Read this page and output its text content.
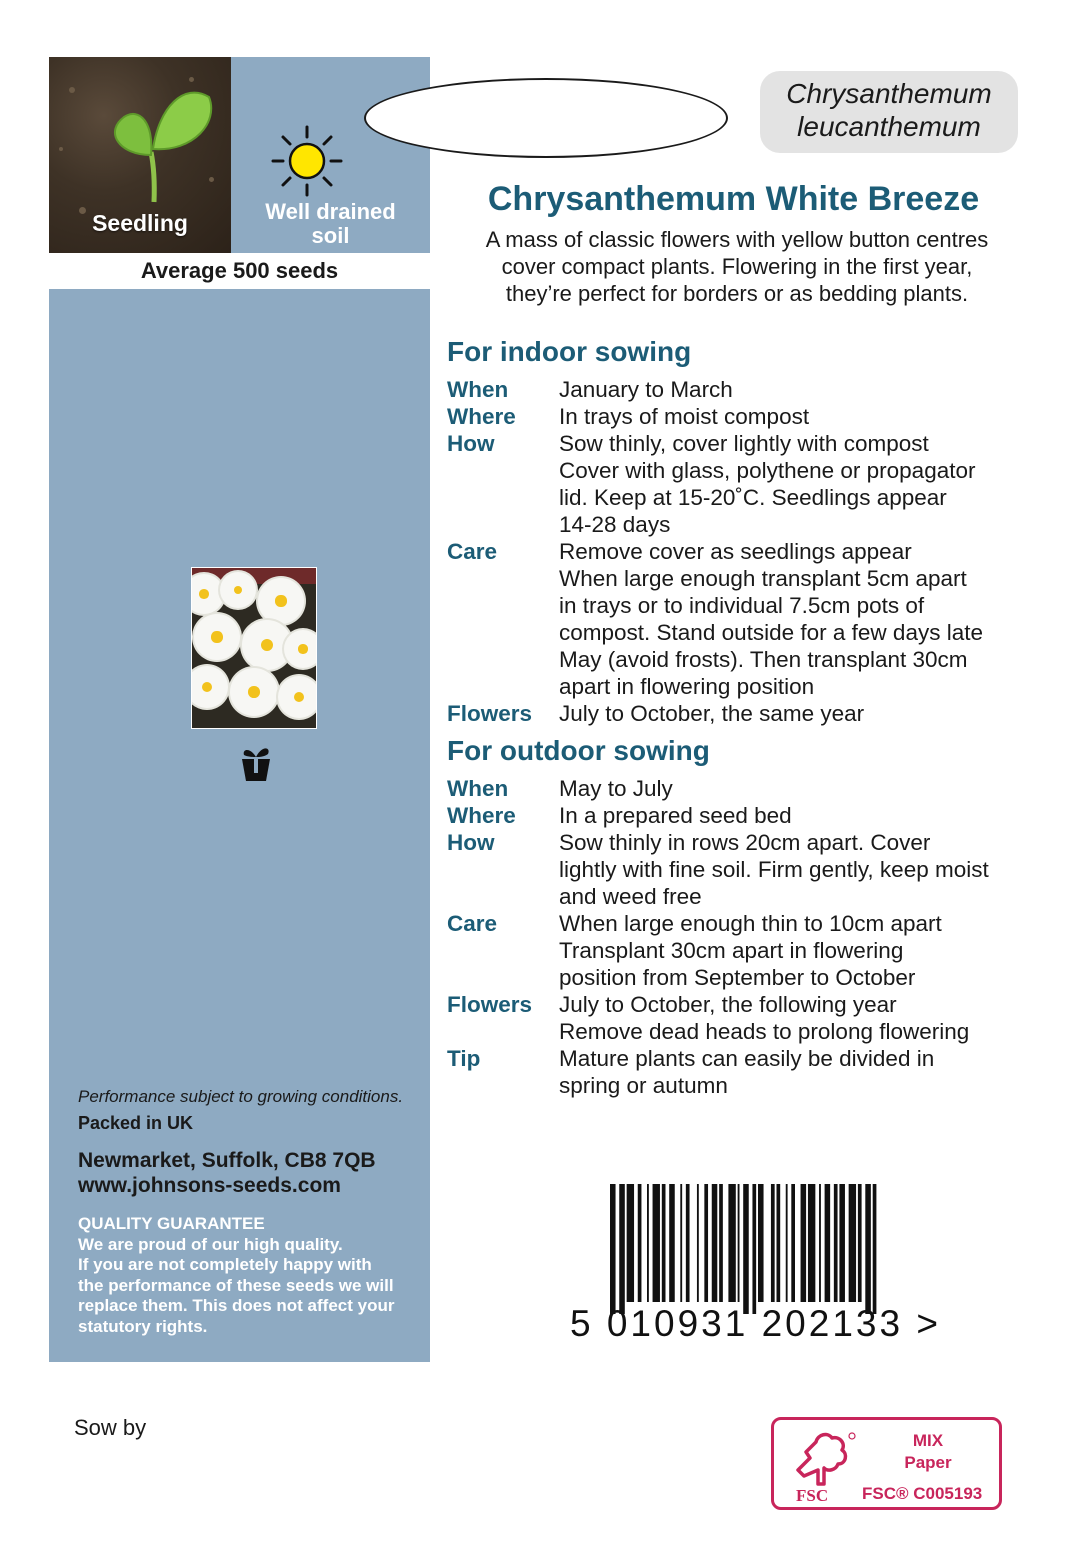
Seedling	Well drained
soil
Average 500 seeds
Performance subject to growing conditions.
Packed in UK
Newmarket, Suffolk, CB8 7QB
www.johnsons-seeds.com
QUALITY GUARANTEE
We are proud of our high quality.
If you are not completely happy with
the performance of these seeds we will
replace them. This does not affect your
statutory rights.
Sow by
Chrysanthemum
leucanthemum
Chrysanthemum White Breeze
A mass of classic flowers with yellow button centres
cover compact plants. Flowering in the first year,
they’re perfect for borders or as bedding plants.
For indoor sowing
When	January to March
Where	In trays of moist compost
How	Sow thinly, cover lightly with compost
Cover with glass, polythene or propagator
lid. Keep at 15-20˚C. Seedlings appear
14-28 days
Care	Remove cover as seedlings appear
When large enough transplant 5cm apart
in trays or to individual 7.5cm pots of
compost. Stand outside for a few days late
May (avoid frosts). Then transplant 30cm
apart in flowering position
Flowers	July to October, the same year
For outdoor sowing
When	May to July
Where	In a prepared seed bed
How	Sow thinly in rows 20cm apart. Cover
lightly with fine soil. Firm gently, keep moist
and weed free
Care	When large enough thin to 10cm apart
Transplant 30cm apart in flowering
position from September to October
Flowers	July to October, the following year
Remove dead heads to prolong flowering
Tip	Mature plants can easily be divided in
spring or autumn
5 010931 202133 >
FSC
MIX
Paper
FSC® C005193
